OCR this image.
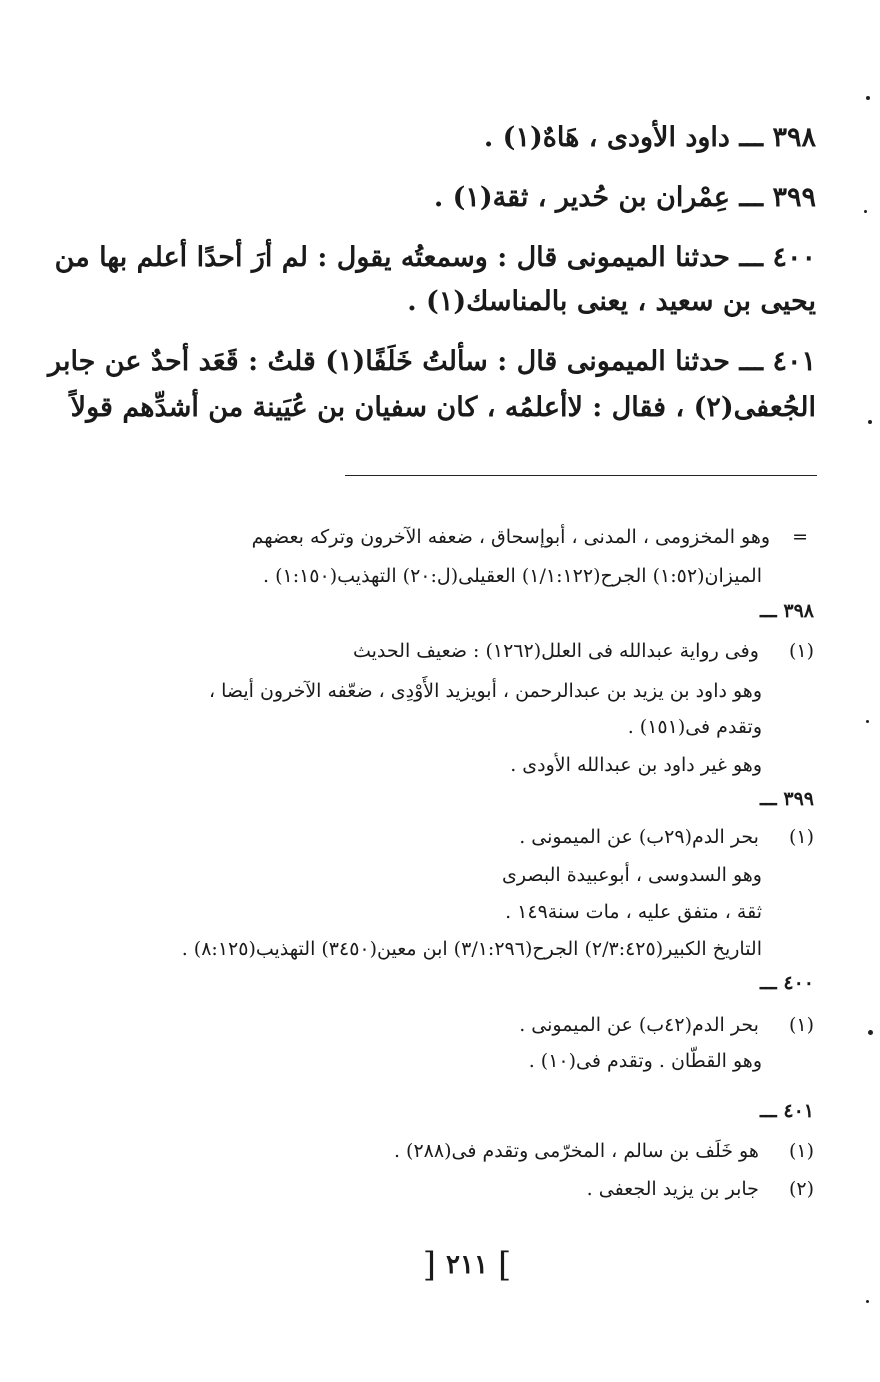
٣٩٨ ـــ داود الأودى ، هَاهٌ(١) .
٣٩٩ ـــ عِمْران بن حُدير ، ثقة(١) .
٤٠٠ ـــ حدثنا الميمونى قال : وسمعتُه يقول : لم أرَ أحدًا أعلم بها من
يحيى بن سعيد ، يعنى بالمناسك(١) .
٤٠١ ـــ حدثنا الميمونى قال : سألتُ خَلَفًا(١) قلتُ : قَعَد أحدٌ عن جابر
الجُعفى(٢) ، فقال : لاأعلمُه ، كان سفيان بن عُيَينة من أشدِّهم قولاً
= وهو المخزومى ، المدنى ، أبوإسحاق ، ضعفه الآخرون وتركه بعضهم
الميزان(١:٥٢) الجرح(١/١:١٢٢) العقيلى(ل:٢٠) التهذيب(١:١٥٠) .
٣٩٨ ـــ
(١) وفى رواية عبدالله فى العلل(١٢٦٢) : ضعيف الحديث
وهو داود بن يزيد بن عبدالرحمن ، أبويزيد الأَوْدِى ، ضعّفه الآخرون أيضا ،
وتقدم فى(١٥١) .
وهو غير داود بن عبدالله الأودى .
٣٩٩ ـــ
(١) بحر الدم(٢٩ب) عن الميمونى .
وهو السدوسى ، أبوعبيدة البصرى
ثقة ، متفق عليه ، مات سنة١٤٩ .
التاريخ الكبير(٢/٣:٤٢٥) الجرح(٣/١:٢٩٦) ابن معين(٣٤٥٠) التهذيب(٨:١٢٥) .
٤٠٠ ـــ
(١) بحر الدم(٤٢ب) عن الميمونى .
وهو القطّان . وتقدم فى(١٠) .
٤٠١ ـــ
(١) هو خَلَف بن سالم ، المخرّمى وتقدم فى(٢٨٨) .
(٢) جابر بن يزيد الجعفى .
]
٢١١
[
